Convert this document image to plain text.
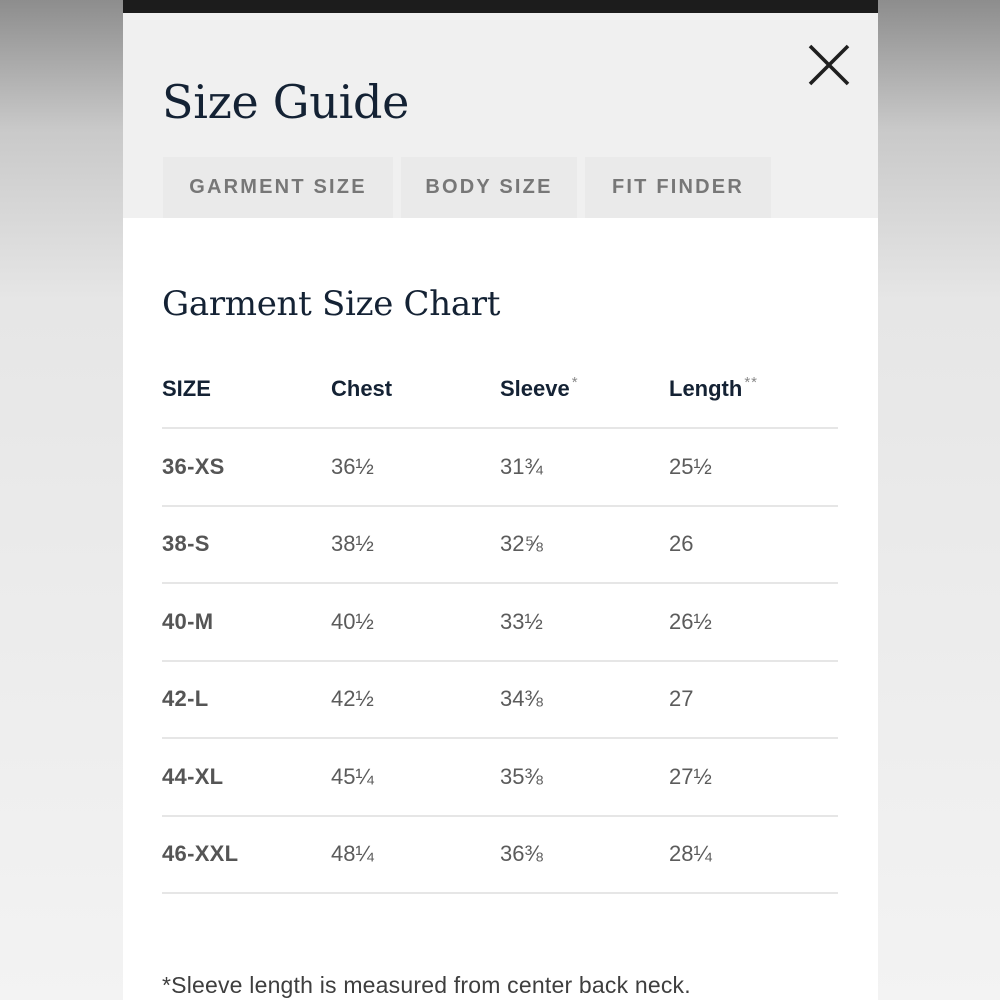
Size Guide
GARMENT SIZE	BODY SIZE	FIT FINDER
Garment Size Chart
SIZE	Chest	Sleeve *	Length **
36-XS	36½	31¾	25½
38-S	38½	32⅝	26
40-M	40½	33½	26½
42-L	42½	34⅜	27
44-XL	45¼	35⅜	27½
46-XXL	48¼	36⅜	28¼
*Sleeve length is measured from center back neck.
